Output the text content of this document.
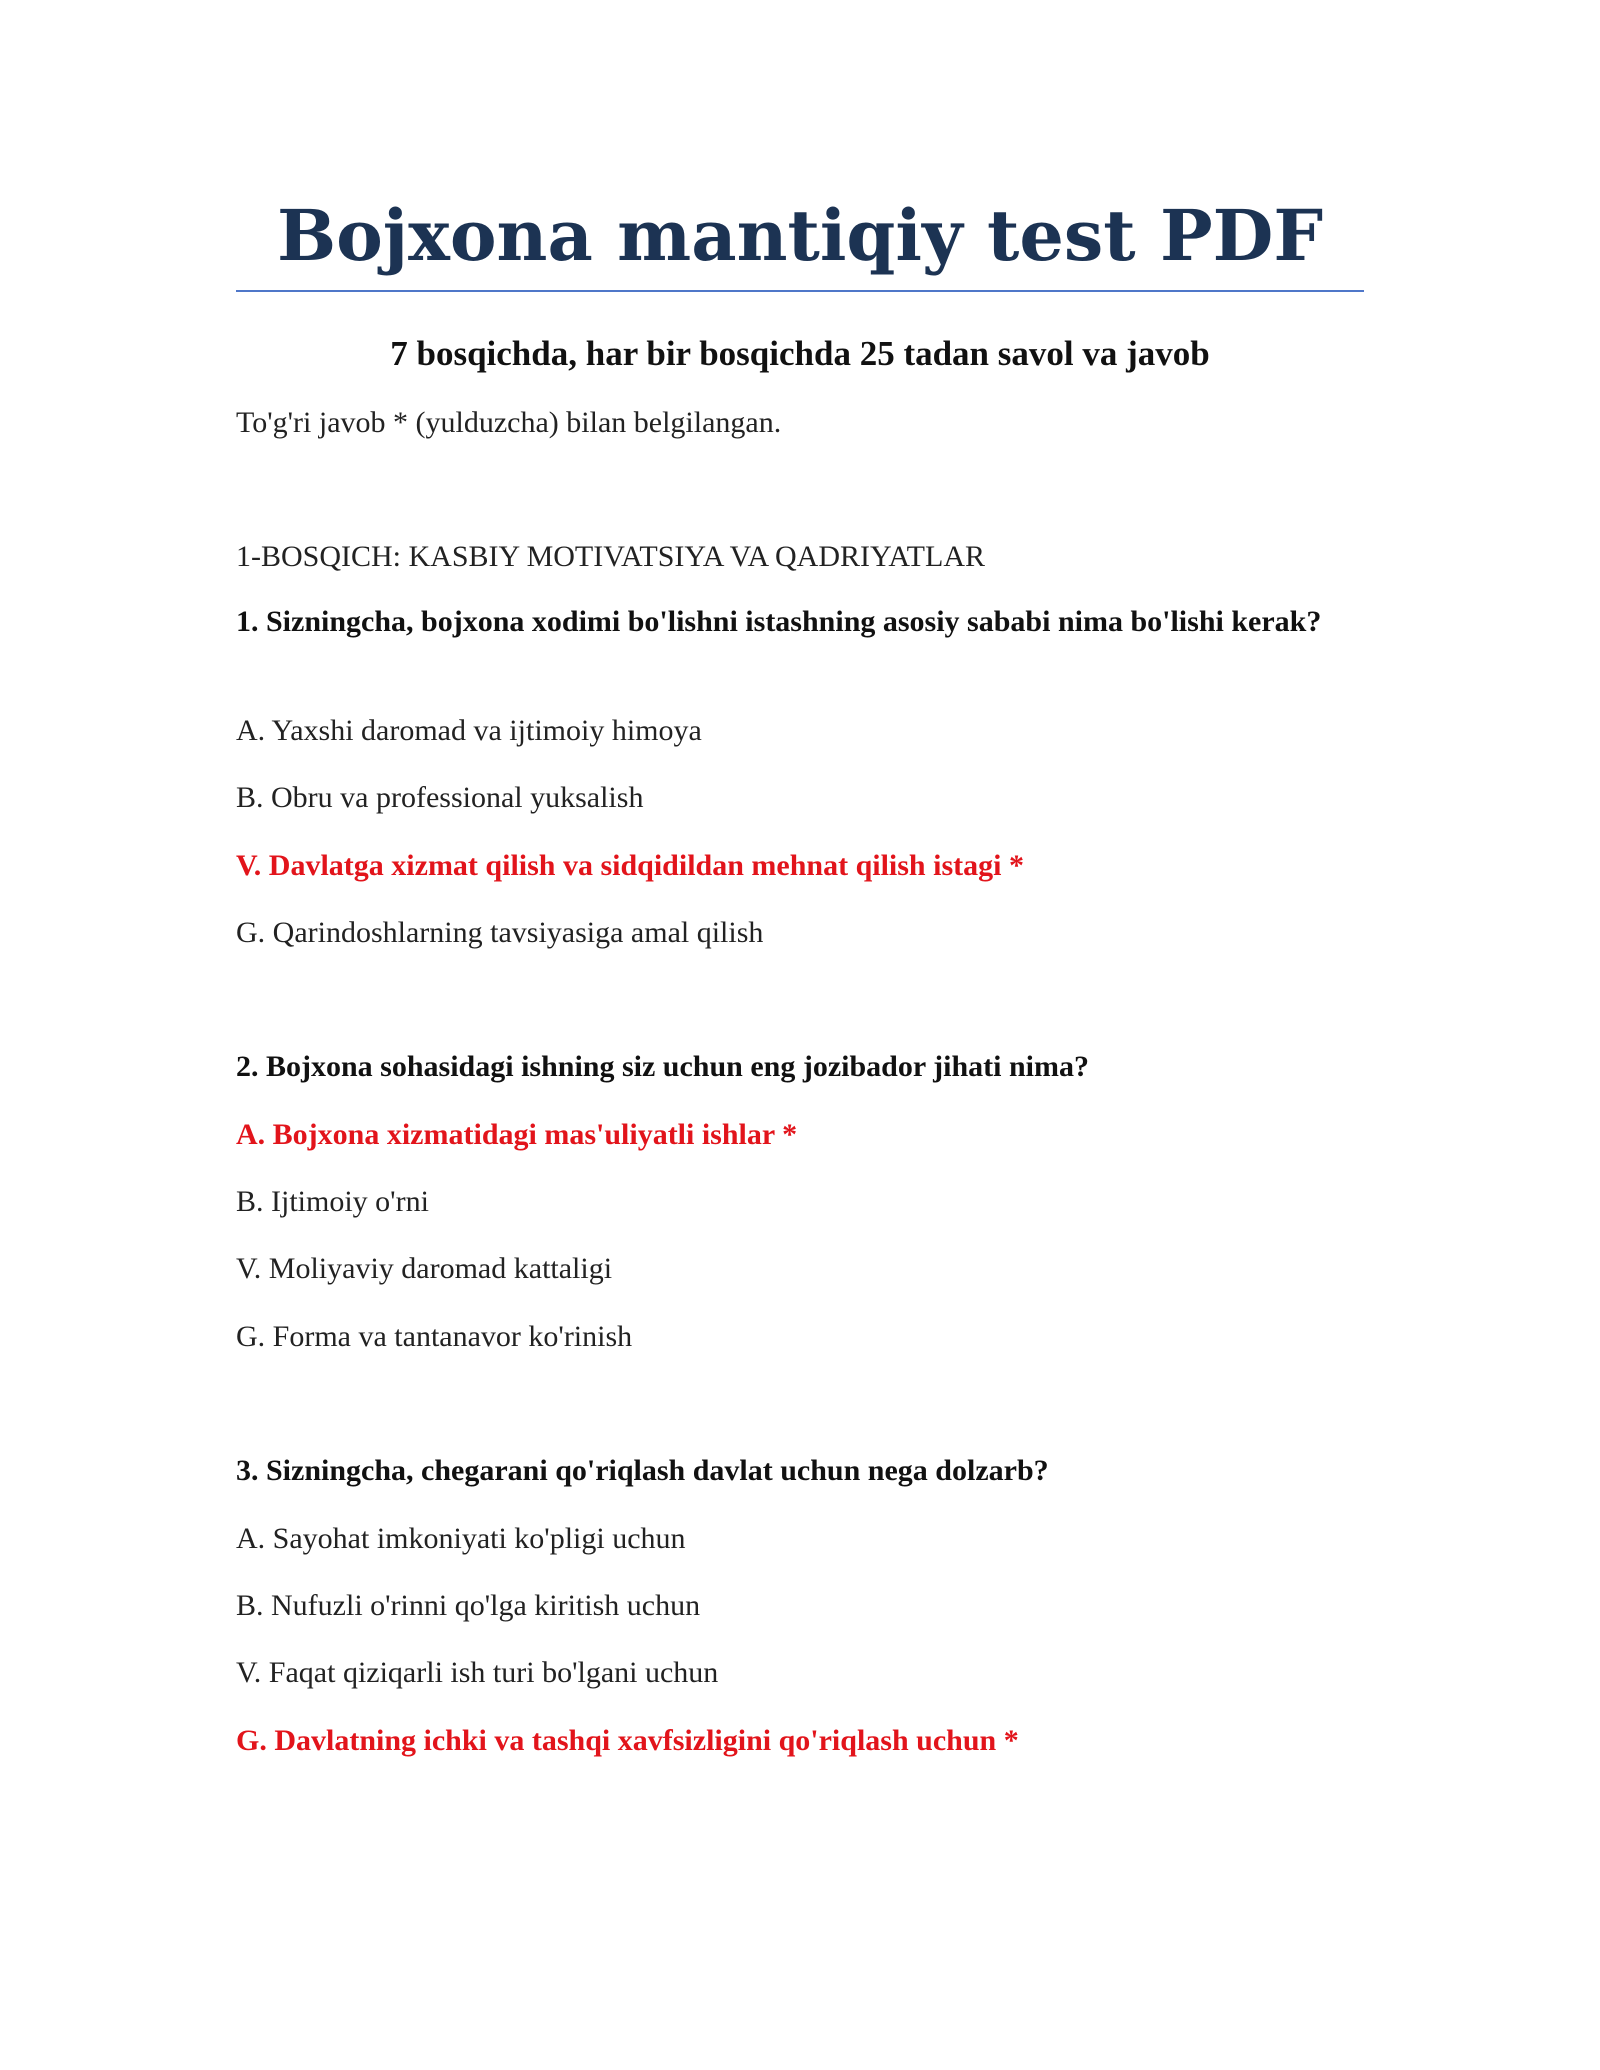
Bojxona mantiqiy test PDF
7 bosqichda, har bir bosqichda 25 tadan savol va javob
To'g'ri javob * (yulduzcha) bilan belgilangan.
1-BOSQICH: KASBIY MOTIVATSIYA VA QADRIYATLAR
1. Sizningcha, bojxona xodimi bo'lishni istashning asosiy sababi nima bo'lishi kerak?
A. Yaxshi daromad va ijtimoiy himoya
B. Obru va professional yuksalish
V. Davlatga xizmat qilish va sidqidildan mehnat qilish istagi *
G. Qarindoshlarning tavsiyasiga amal qilish
2. Bojxona sohasidagi ishning siz uchun eng jozibador jihati nima?
A. Bojxona xizmatidagi mas'uliyatli ishlar *
B. Ijtimoiy o'rni
V. Moliyaviy daromad kattaligi
G. Forma va tantanavor ko'rinish
3. Sizningcha, chegarani qo'riqlash davlat uchun nega dolzarb?
A. Sayohat imkoniyati ko'pligi uchun
B. Nufuzli o'rinni qo'lga kiritish uchun
V. Faqat qiziqarli ish turi bo'lgani uchun
G. Davlatning ichki va tashqi xavfsizligini qo'riqlash uchun *
